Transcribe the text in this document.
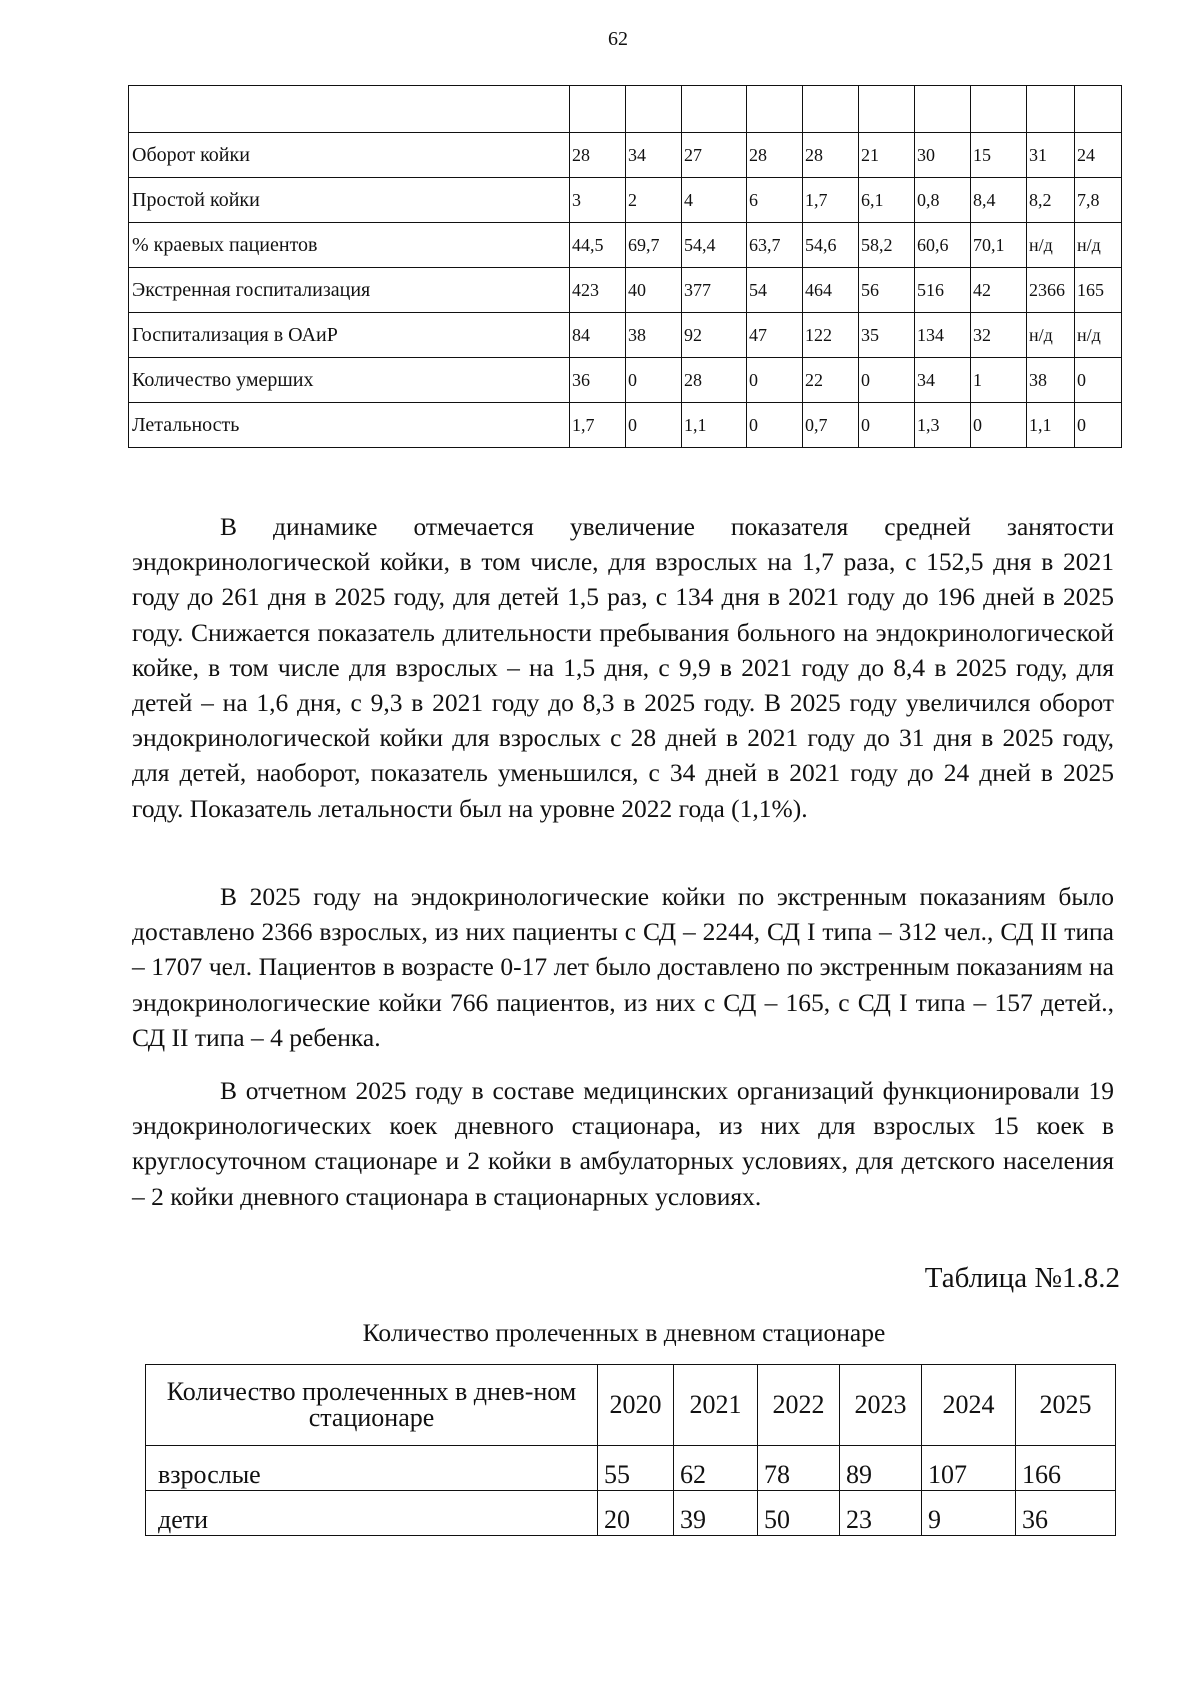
62

Оборот койки	28	34	27	28	28	21	30	15	31	24
Простой койки	3	2	4	6	1,7	6,1	0,8	8,4	8,2	7,8
% краевых пациентов	44,5	69,7	54,4	63,7	54,6	58,2	60,6	70,1	н/д	н/д
Экстренная госпитализация	423	40	377	54	464	56	516	42	2366	165
Госпитализация в ОАиР	84	38	92	47	122	35	134	32	н/д	н/д
Количество умерших	36	0	28	0	22	0	34	1	38	0
Летальность	1,7	0	1,1	0	0,7	0	1,3	0	1,1	0

В динамике отмечается увеличение показателя средней занятости эндокринологической койки, в том числе, для взрослых на 1,7 раза, с 152,5 дня в 2021 году до 261 дня в 2025 году, для детей 1,5 раз, с 134 дня в 2021 году до 196 дней в 2025 году. Снижается показатель длительности пребывания больного на эндокринологической койке, в том числе для взрослых – на 1,5 дня, с 9,9 в 2021 году до 8,4 в 2025 году, для детей – на 1,6 дня, с 9,3 в 2021 году до 8,3 в 2025 году. В 2025 году увеличился оборот эндокринологической койки для взрослых с 28 дней в 2021 году до 31 дня в 2025 году, для детей, наоборот, показатель уменьшился, с 34 дней в 2021 году до 24 дней в 2025 году. Показатель летальности был на уровне 2022 года (1,1%).

В 2025 году на эндокринологические койки по экстренным показаниям было доставлено 2366 взрослых, из них пациенты с СД – 2244, СД I типа – 312 чел., СД II типа – 1707 чел. Пациентов в возрасте 0-17 лет было доставлено по экстренным показаниям на эндокринологические койки 766 пациентов, из них с СД – 165, с СД I типа – 157 детей., СД II типа – 4 ребенка.

В отчетном 2025 году в составе медицинских организаций функционировали 19 эндокринологических коек дневного стационара, из них для взрослых 15 коек в круглосуточном стационаре и 2 койки в амбулаторных условиях, для детского населения – 2 койки дневного стационара в стационарных условиях.

Таблица №1.8.2
Количество пролеченных в дневном стационаре
Количество пролеченных в днев-ном стационаре	2020	2021	2022	2023	2024	2025
взрослые	55	62	78	89	107	166
дети	20	39	50	23	9	36
